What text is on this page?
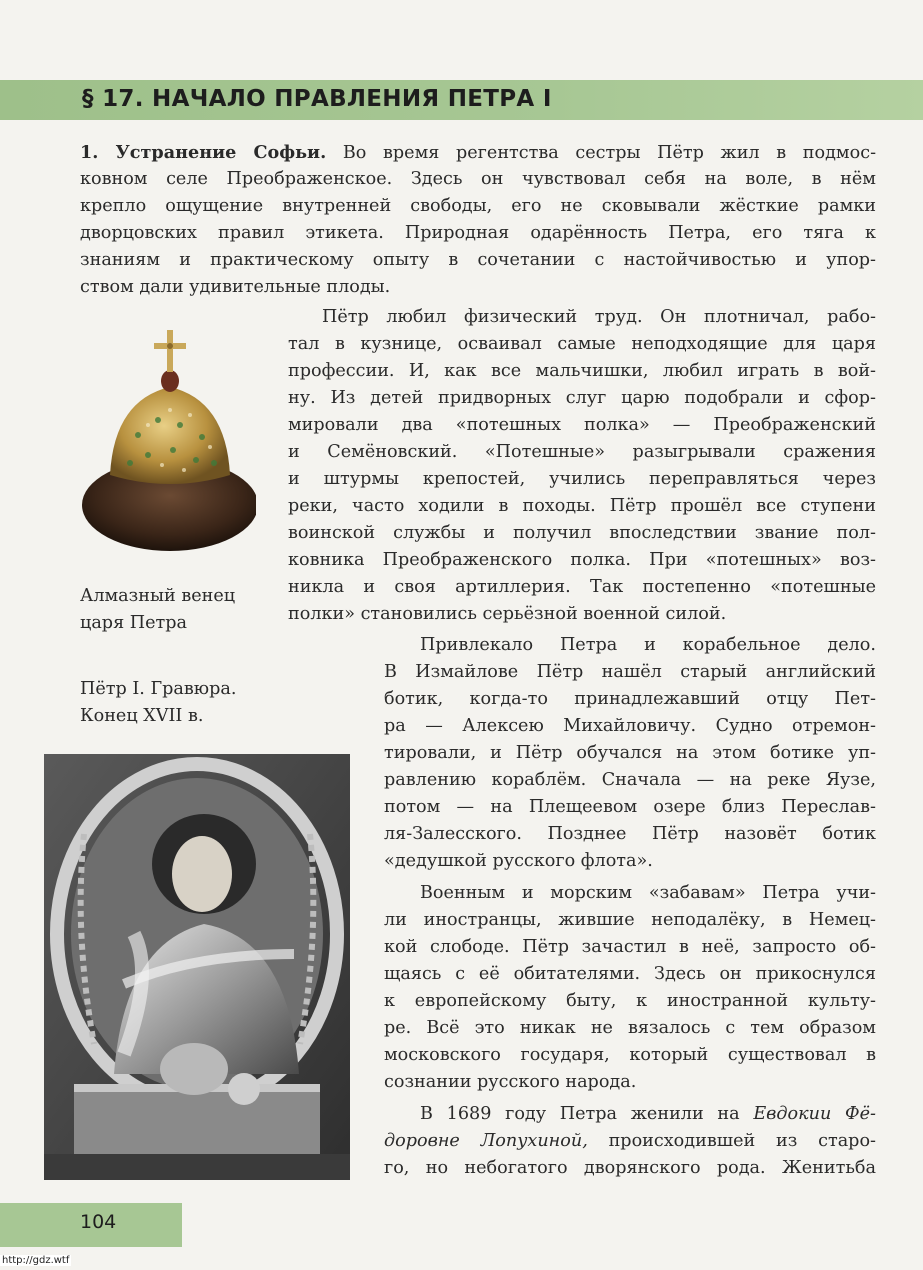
§ 17. НАЧАЛО ПРАВЛЕНИЯ ПЕТРА I
1. Устранение Софьи. Во время регентства сестры Пётр жил в подмос-
ковном селе Преображенское. Здесь он чувствовал себя на воле, в нём
крепло ощущение внутренней свободы, его не сковывали жёсткие рамки
дворцовских правил этикета. Природная одарённость Петра, его тяга к
знаниям и практическому опыту в сочетании с настойчивостью и упор-
ством дали удивительные плоды.
Пётр любил физический труд. Он плотничал, рабо-
тал в кузнице, осваивал самые неподходящие для царя
профессии. И, как все мальчишки, любил играть в вой-
ну. Из детей придворных слуг царю подобрали и сфор-
мировали два «потешных полка» — Преображенский
и Семёновский. «Потешные» разыгрывали сражения
и штурмы крепостей, учились переправляться через
реки, часто ходили в походы. Пётр прошёл все ступени
воинской службы и получил впоследствии звание пол-
ковника Преображенского полка. При «потешных» воз-
никла и своя артиллерия. Так постепенно «потешные
полки» становились серьёзной военной силой.
Привлекало Петра и корабельное дело.
В Измайлове Пётр нашёл старый английский
ботик, когда-то принадлежавший отцу Пет-
ра — Алексею Михайловичу. Судно отремон-
тировали, и Пётр обучался на этом ботике уп-
равлению кораблём. Сначала — на реке Яузе,
потом — на Плещеевом озере близ Переслав-
ля-Залесского. Позднее Пётр назовёт ботик
«дедушкой русского флота».
Военным и морским «забавам» Петра учи-
ли иностранцы, жившие неподалёку, в Немец-
кой слободе. Пётр зачастил в неё, запросто об-
щаясь с её обитателями. Здесь он прикоснулся
к европейскому быту, к иностранной культу-
ре. Всё это никак не вязалось с тем образом
московского государя, который существовал в
сознании русского народа.
В 1689 году Петра женили на Евдокии Фё-
доровне Лопухиной, происходившей из старо-
го, но небогатого дворянского рода. Женитьба
Алмазный венец
царя Петра
Пётр I. Гравюра.
Конец XVII в.
104
http://gdz.wtf
